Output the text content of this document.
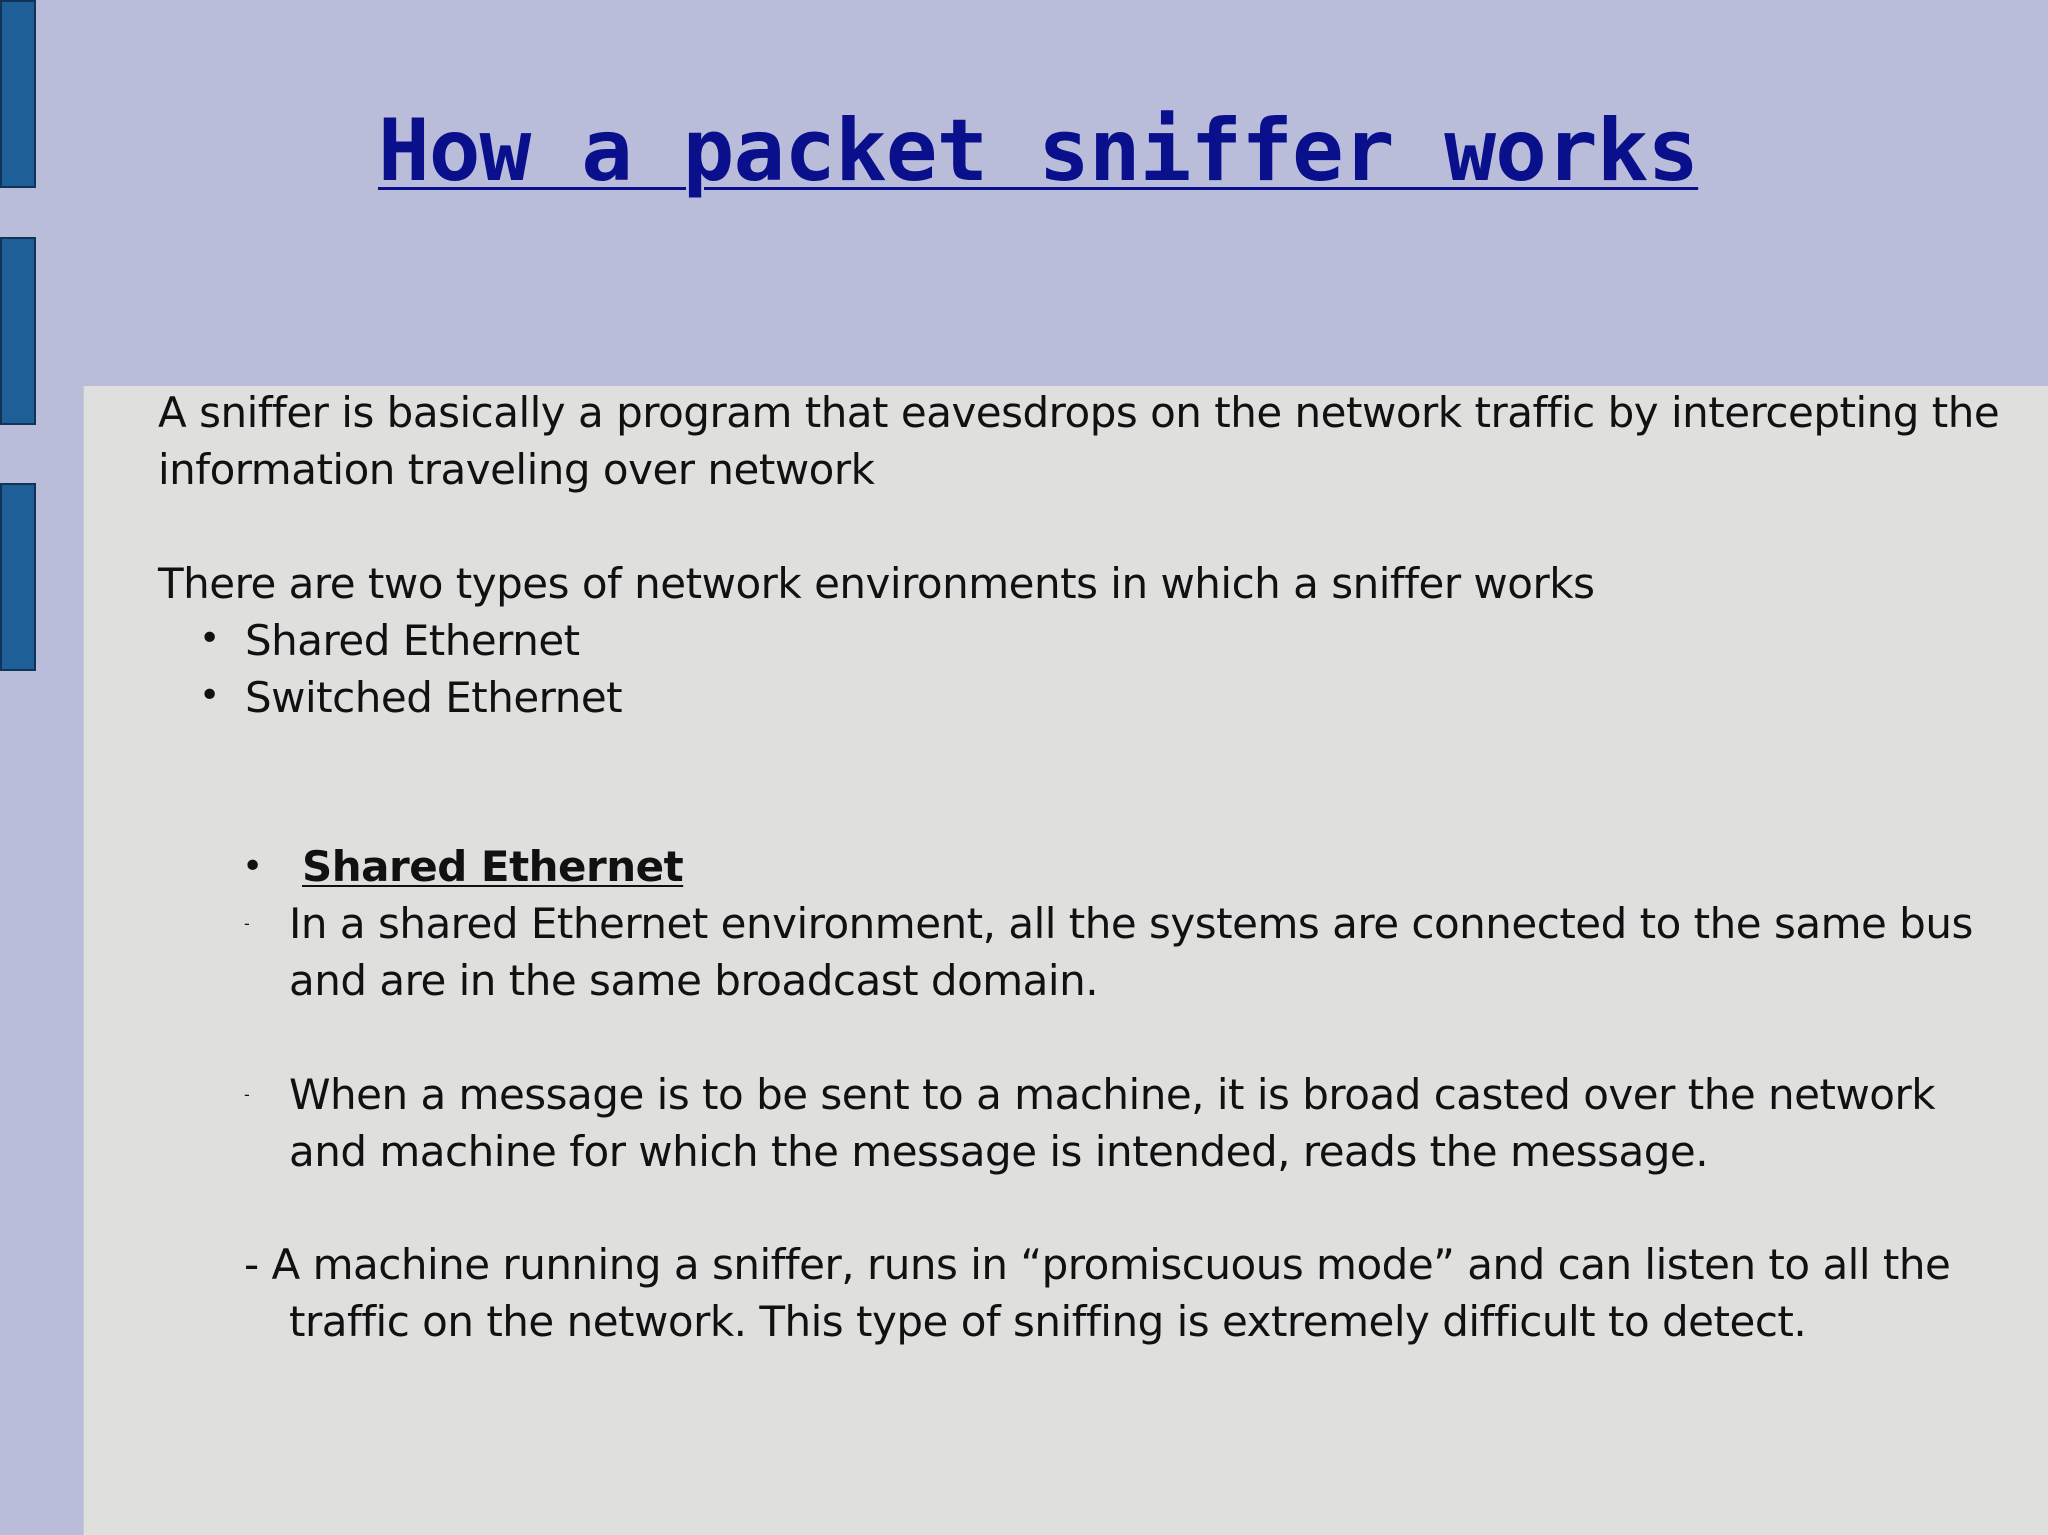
How a packet sniffer works
A sniffer is basically a program that eavesdrops on the network traffic by intercepting the
information traveling over network
There are two types of network environments in which a sniffer works
• Shared Ethernet
• Switched Ethernet
• Shared Ethernet
- In a shared Ethernet environment, all the systems are connected to the same bus
and are in the same broadcast domain.
- When a message is to be sent to a machine, it is broad casted over the network
and machine for which the message is intended, reads the message.
- A machine running a sniffer, runs in “promiscuous mode” and can listen to all the
traffic on the network. This type of sniffing is extremely difficult to detect.
